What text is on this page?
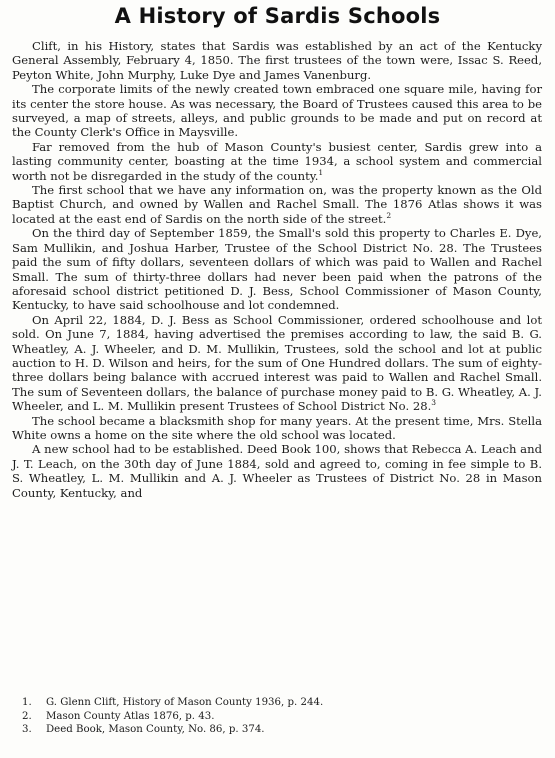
A History of Sardis Schools

Clift, in his History, states that Sardis was established by an act of the Kentucky General Assembly, February 4, 1850. The first trustees of the town were, Issac S. Reed, Peyton White, John Murphy, Luke Dye and James Vanenburg.

The corporate limits of the newly created town embraced one square mile, having for its center the store house. As was necessary, the Board of Trustees caused this area to be surveyed, a map of streets, alleys, and public grounds to be made and put on record at the County Clerk's Office in Maysville.

Far removed from the hub of Mason County's busiest center, Sardis grew into a lasting community center, boasting at the time 1934, a school system and commercial worth not be disregarded in the study of the county.$^1$

The first school that we have any information on, was the property known as the Old Baptist Church, and owned by Wallen and Rachel Small. The 1876 Atlas shows it was located at the east end of Sardis on the north side of the street.$^2$

On the third day of September 1859, the Small's sold this property to Charles E. Dye, Sam Mullikin, and Joshua Harber, Trustee of the School District No. 28. The Trustees paid the sum of fifty dollars, seventeen dollars of which was paid to Wallen and Rachel Small. The sum of thirty-three dollars had never been paid when the patrons of the aforesaid school district petitioned D. J. Bess, School Commissioner of Mason County, Kentucky, to have said schoolhouse and lot condemned.

On April 22, 1884, D. J. Bess as School Commissioner, ordered schoolhouse and lot sold. On June 7, 1884, having advertised the premises according to law, the said B. G. Wheatley, A. J. Wheeler, and D. M. Mullikin, Trustees, sold the school and lot at public auction to H. D. Wilson and heirs, for the sum of One Hundred dollars. The sum of eighty-three dollars being balance with accrued interest was paid to Wallen and Rachel Small. The sum of Seventeen dollars, the balance of purchase money paid to B. G. Wheatley, A. J. Wheeler, and L. M. Mullikin present Trustees of School District No. 28.$^3$

The school became a blacksmith shop for many years. At the present time, Mrs. Stella White owns a home on the site where the old school was located.

A new school had to be established. Deed Book 100, shows that Rebecca A. Leach and J. T. Leach, on the 30th day of June 1884, sold and agreed to, coming in fee simple to B. S. Wheatley, L. M. Mullikin and A. J. Wheeler as Trustees of District No. 28 in Mason County, Kentucky, and

1.	G. Glenn Clift, History of Mason County 1936, p. 244.
2.	Mason County Atlas 1876, p. 43.
3.	Deed Book, Mason County, No. 86, p. 374.
